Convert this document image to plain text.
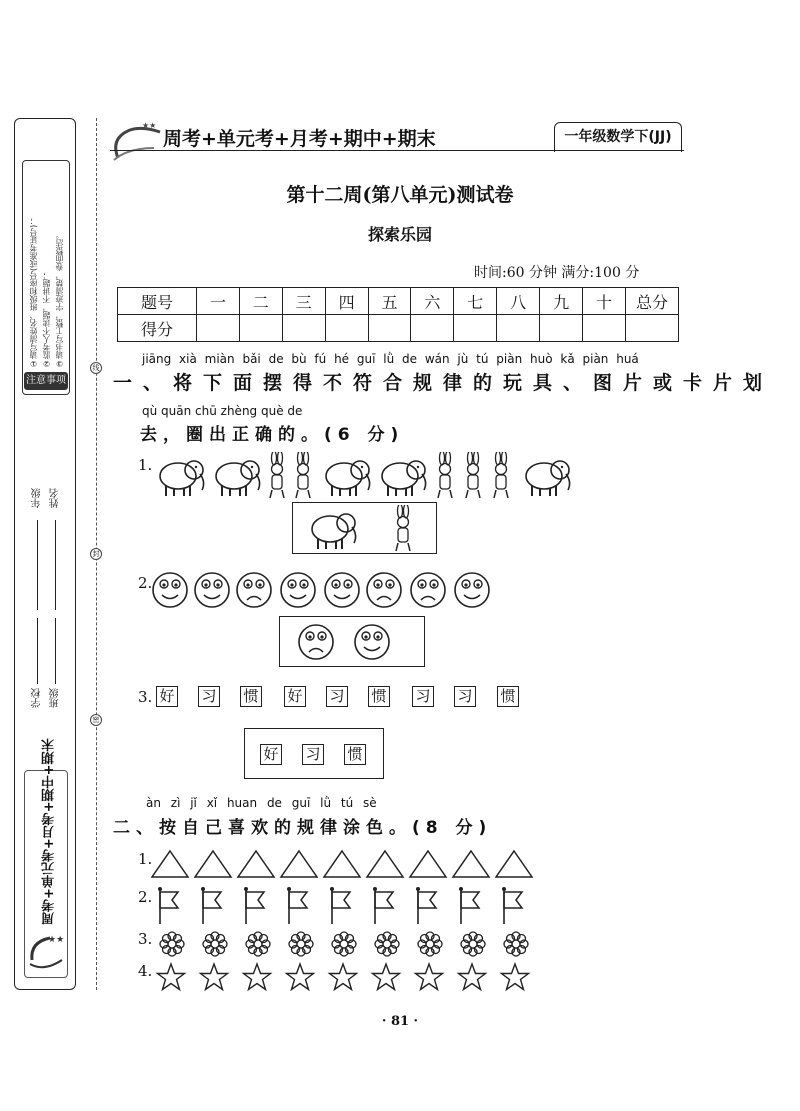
①请写清姓名、班级和座号(或准考证号)； ②监考人不读题，不讲题； ③请书写工整，字迹清楚，卷面整洁。
注意事项
年级 姓名
学校 班级
线
封
密
周考+单元考+月考+期中+期末
★★
★★
周考+单元考+月考+期中+期末	一年级数学下(JJ)
第十二周(第八单元)测试卷
探索乐园
时间:60 分钟 满分:100 分
题号	一	二	三	四	五	六	七	八	九	十	总分
得分											
jiāng xià miàn bǎi de bù fú hé guī lǜ de wán jù tú piàn huò kǎ piàn huá
一、将下面摆得不符合规律的玩具、图片或卡片划
qù quān chū zhèng què de
去，圈出正确的。(6 分)
1.
2.
3. 好 习 惯 好 习 惯 习 习 惯
好 习 惯
àn zì jǐ xǐ huan de guī lǜ tú sè
二、按自己喜欢的规律涂色。(8 分)
1.
2.
3.
4.
· 81 ·
